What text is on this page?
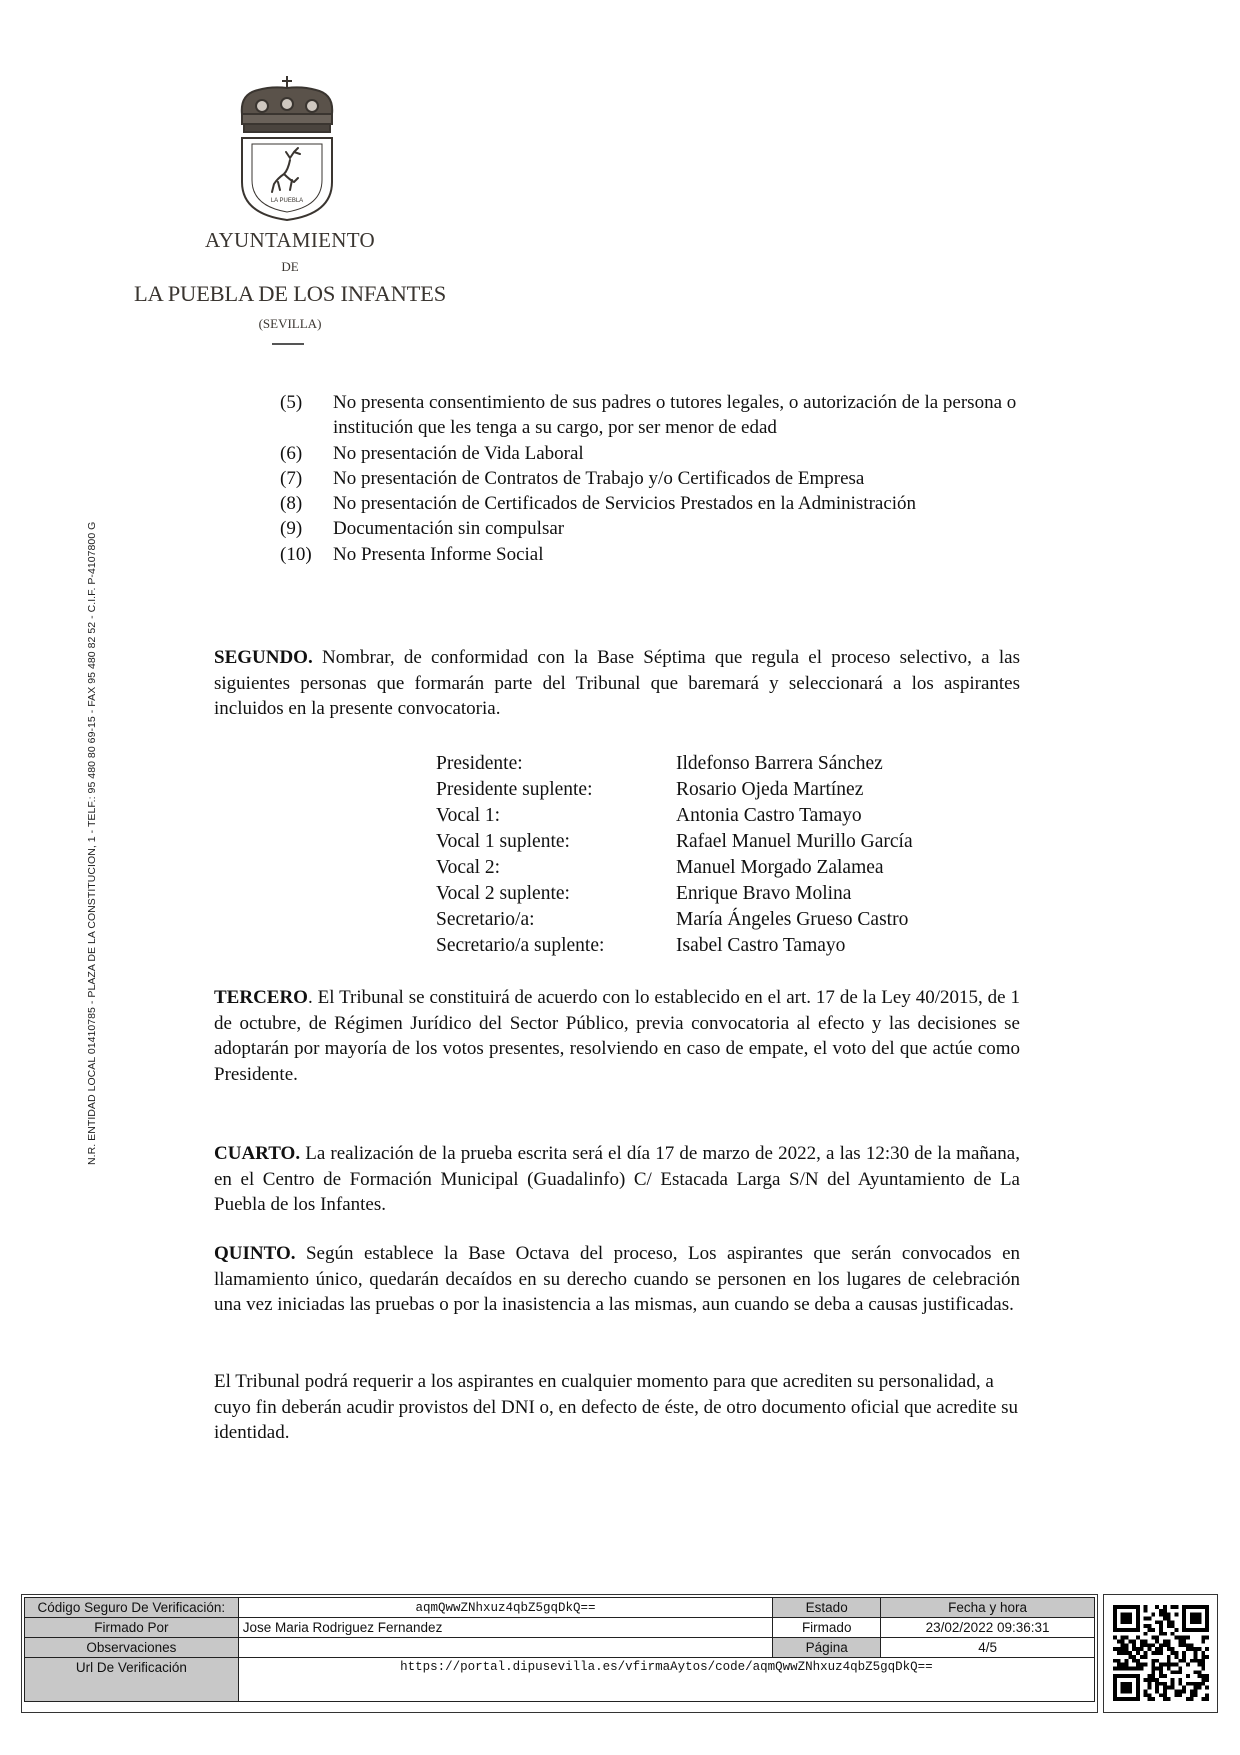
LA PUEBLA
AYUNTAMIENTO
DE
LA PUEBLA DE LOS INFANTES
(SEVILLA)
N.R. ENTIDAD LOCAL 01410785 - PLAZA DE LA CONSTITUCION, 1 - TELF.: 95 480 80 69-15 - FAX 95 480 82 52 - C.I.F. P-4107800 G
(5)	No presenta consentimiento de sus padres o tutores legales, o autorización de la persona o institución que les tenga a su cargo, por ser menor de edad
(6)	No presentación de Vida Laboral
(7)	No presentación de Contratos de Trabajo y/o Certificados de Empresa
(8)	No presentación de Certificados de Servicios Prestados en la Administración
(9)	Documentación sin compulsar
(10)	No Presenta Informe Social
SEGUNDO. Nombrar, de conformidad con la Base Séptima que regula el proceso selectivo, a las siguientes personas que formarán parte del Tribunal que baremará y seleccionará a los aspirantes incluidos en la presente convocatoria.
Presidente:	Ildefonso Barrera Sánchez
Presidente suplente:	Rosario Ojeda Martínez
Vocal 1:	Antonia Castro Tamayo
Vocal 1 suplente:	Rafael Manuel Murillo García
Vocal 2:	Manuel Morgado Zalamea
Vocal 2 suplente:	Enrique Bravo Molina
Secretario/a:	María Ángeles Grueso Castro
Secretario/a suplente:	Isabel Castro Tamayo
TERCERO. El Tribunal se constituirá de acuerdo con lo establecido en el art. 17 de la Ley 40/2015, de 1 de octubre, de Régimen Jurídico del Sector Público, previa convocatoria al efecto y las decisiones se adoptarán por mayoría de los votos presentes, resolviendo en caso de empate, el voto del que actúe como Presidente.
CUARTO. La realización de la prueba escrita será el día 17 de marzo de 2022, a las 12:30 de la mañana, en el Centro de Formación Municipal (Guadalinfo) C/ Estacada Larga S/N del Ayuntamiento de La Puebla de los Infantes.
QUINTO. Según establece la Base Octava del proceso, Los aspirantes que serán convocados en llamamiento único, quedarán decaídos en su derecho cuando se personen en los lugares de celebración una vez iniciadas las pruebas o por la inasistencia a las mismas, aun cuando se deba a causas justificadas.
El Tribunal podrá requerir a los aspirantes en cualquier momento para que acrediten su personalidad, a cuyo fin deberán acudir provistos del DNI o, en defecto de éste, de otro documento oficial que acredite su identidad.
Código Seguro De Verificación:	aqmQwwZNhxuz4qbZ5gqDkQ==	Estado	Fecha y hora
Firmado Por	Jose Maria Rodriguez Fernandez	Firmado	23/02/2022 09:36:31
Observaciones		Página	4/5
Url De Verificación	https://portal.dipusevilla.es/vfirmaAytos/code/aqmQwwZNhxuz4qbZ5gqDkQ==		
